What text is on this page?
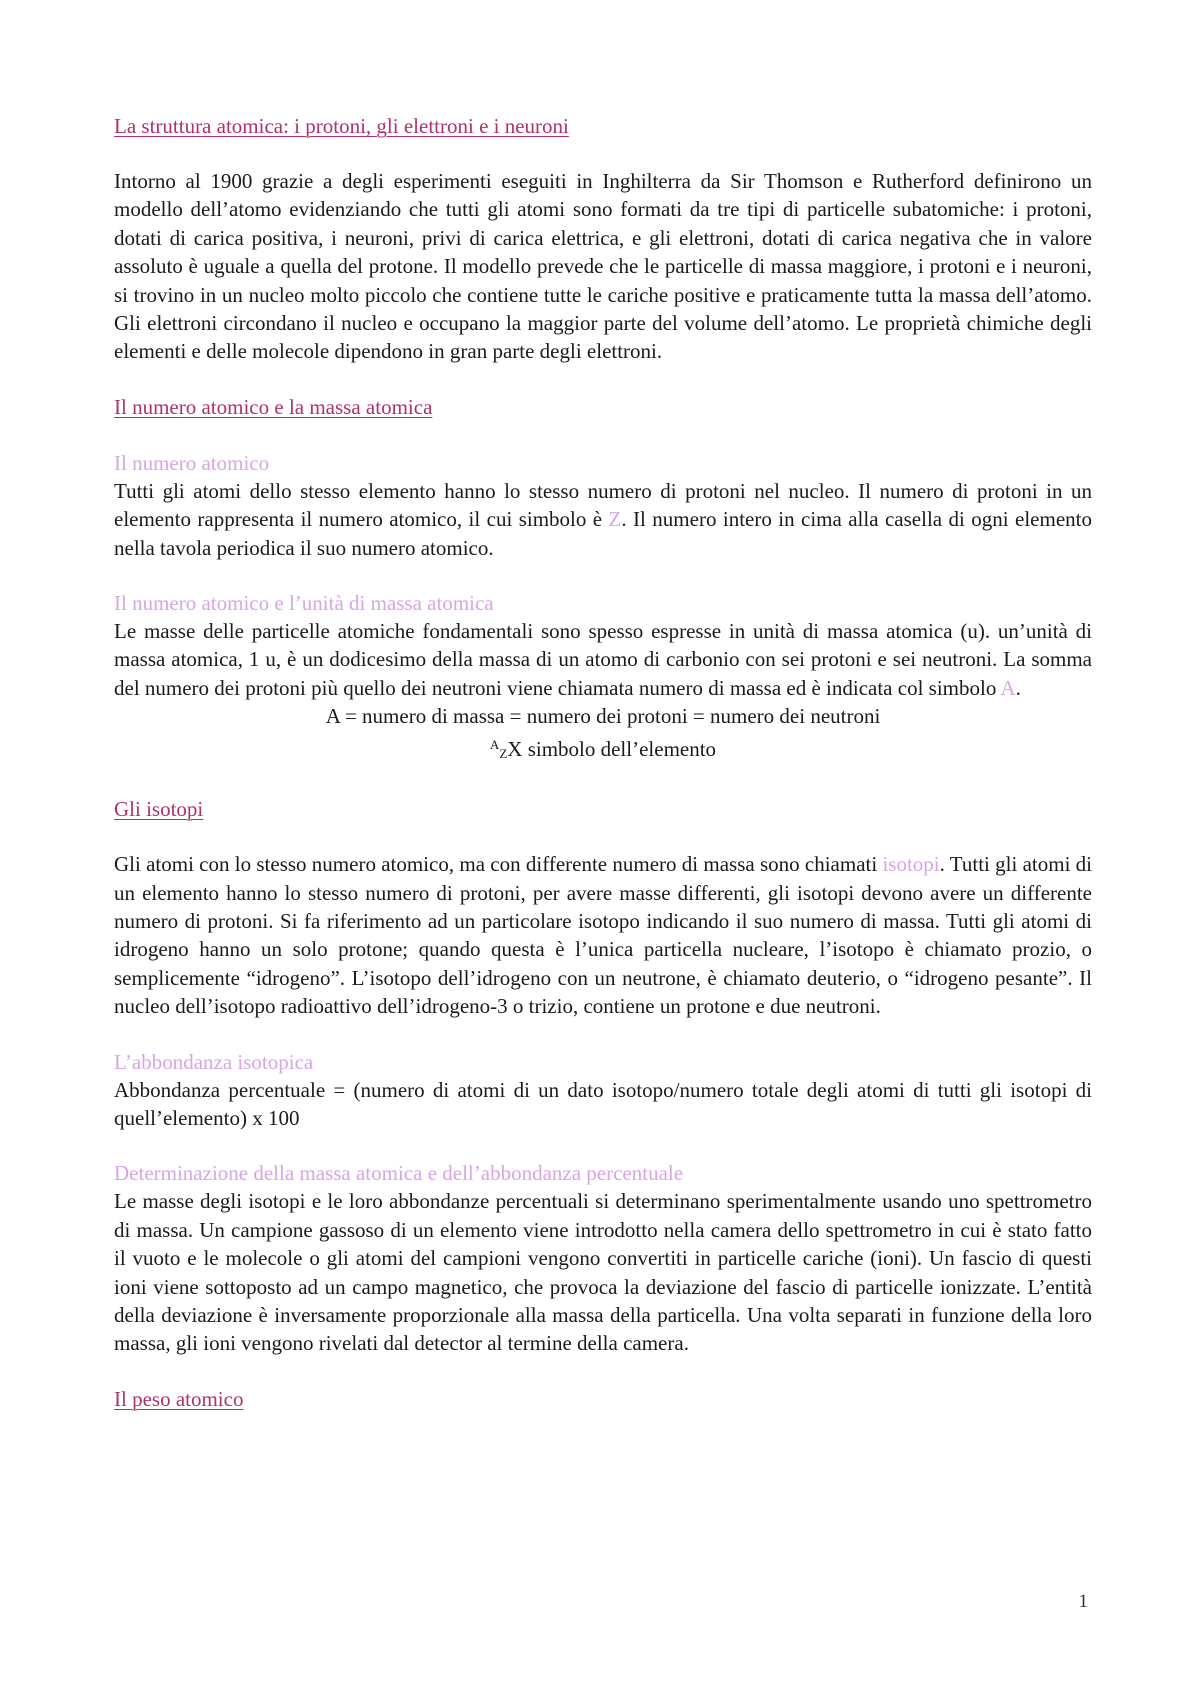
La struttura atomica: i protoni, gli elettroni e i neuroni

Intorno al 1900 grazie a degli esperimenti eseguiti in Inghilterra da Sir Thomson e Rutherford definirono un modello dell’atomo evidenziando che tutti gli atomi sono formati da tre tipi di particelle subatomiche: i protoni, dotati di carica positiva, i neuroni, privi di carica elettrica, e gli elettroni, dotati di carica negativa che in valore assoluto è uguale a quella del protone. Il modello prevede che le particelle di massa maggiore, i protoni e i neuroni, si trovino in un nucleo molto piccolo che contiene tutte le cariche positive e praticamente tutta la massa dell’atomo. Gli elettroni circondano il nucleo e occupano la maggior parte del volume dell’atomo. Le proprietà chimiche degli elementi e delle molecole dipendono in gran parte degli elettroni.

Il numero atomico e la massa atomica
Il numero atomico

Tutti gli atomi dello stesso elemento hanno lo stesso numero di protoni nel nucleo. Il numero di protoni in un elemento rappresenta il numero atomico, il cui simbolo è Z. Il numero intero in cima alla casella di ogni elemento nella tavola periodica il suo numero atomico.

Il numero atomico e l’unità di massa atomica

Le masse delle particelle atomiche fondamentali sono spesso espresse in unità di massa atomica (u). un’unità di massa atomica, 1 u, è un dodicesimo della massa di un atomo di carbonio con sei protoni e sei neutroni. La somma del numero dei protoni più quello dei neutroni viene chiamata numero di massa ed è indicata col simbolo A.

A = numero di massa = numero dei protoni = numero dei neutroni

$^A$ZX simbolo dell’elemento

Gli isotopi

Gli atomi con lo stesso numero atomico, ma con differente numero di massa sono chiamati isotopi. Tutti gli atomi di un elemento hanno lo stesso numero di protoni, per avere masse differenti, gli isotopi devono avere un differente numero di protoni. Si fa riferimento ad un particolare isotopo indicando il suo numero di massa. Tutti gli atomi di idrogeno hanno un solo protone; quando questa è l’unica particella nucleare, l’isotopo è chiamato prozio, o semplicemente “idrogeno”. L’isotopo dell’idrogeno con un neutrone, è chiamato deuterio, o “idrogeno pesante”. Il nucleo dell’isotopo radioattivo dell’idrogeno-3 o trizio, contiene un protone e due neutroni.

L’abbondanza isotopica

Abbondanza percentuale = (numero di atomi di un dato isotopo/numero totale degli atomi di tutti gli isotopi di quell’elemento) x 100

Determinazione della massa atomica e dell’abbondanza percentuale

Le masse degli isotopi e le loro abbondanze percentuali si determinano sperimentalmente usando uno spettrometro di massa. Un campione gassoso di un elemento viene introdotto nella camera dello spettrometro in cui è stato fatto il vuoto e le molecole o gli atomi del campioni vengono convertiti in particelle cariche (ioni). Un fascio di questi ioni viene sottoposto ad un campo magnetico, che provoca la deviazione del fascio di particelle ionizzate. L’entità della deviazione è inversamente proporzionale alla massa della particella. Una volta separati in funzione della loro massa, gli ioni vengono rivelati dal detector al termine della camera.

Il peso atomico
1
